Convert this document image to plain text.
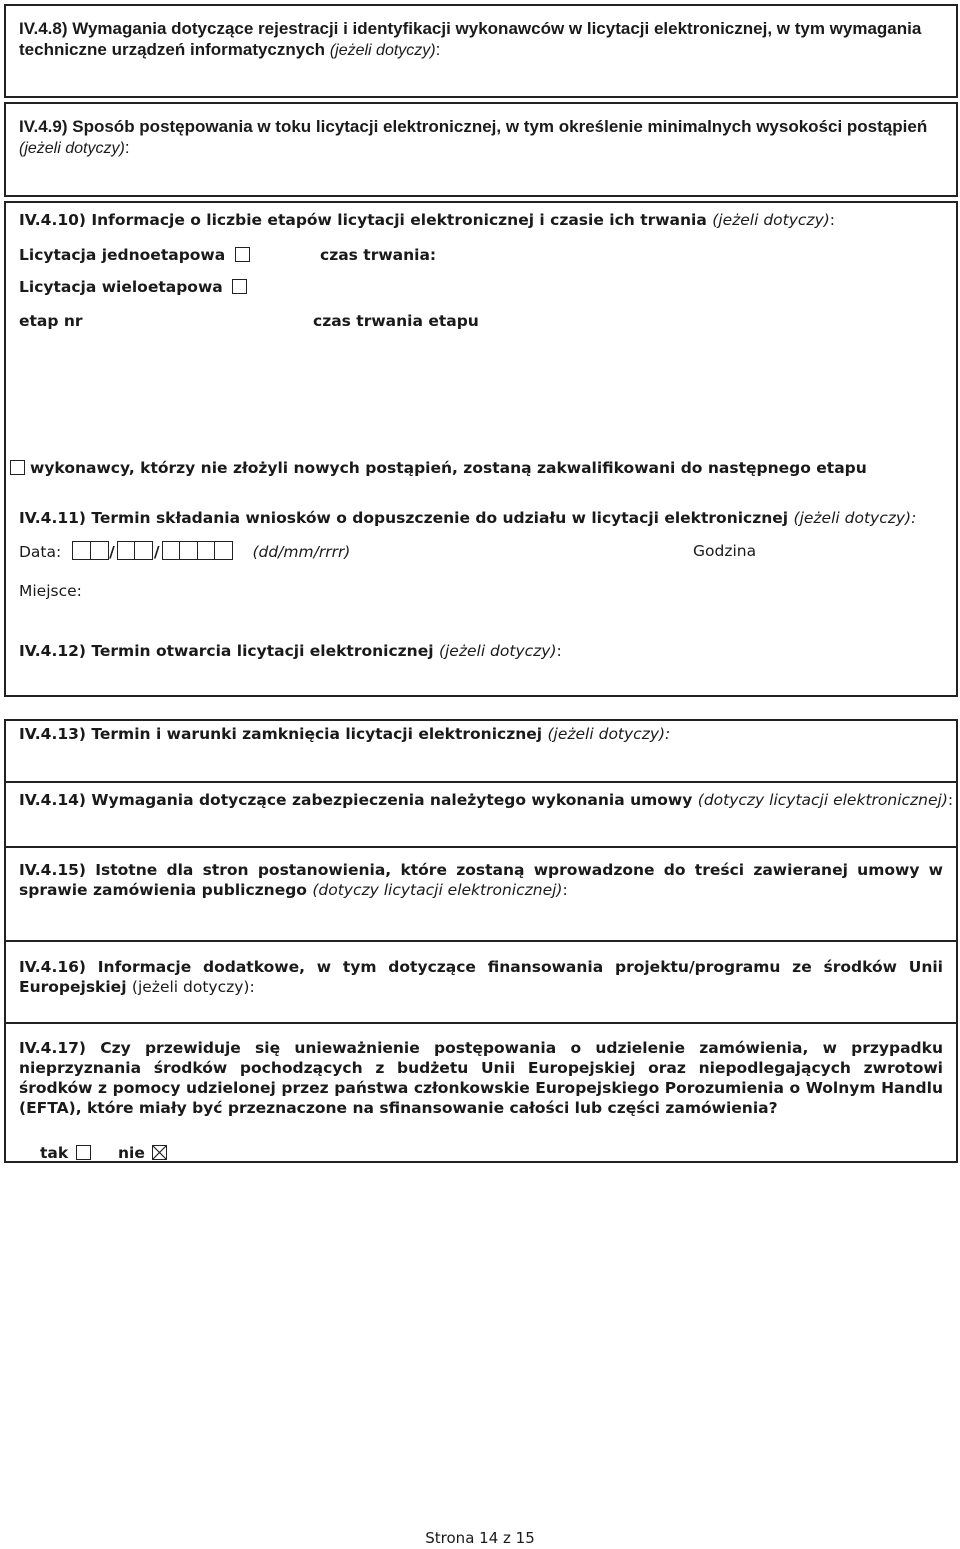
IV.4.8) Wymagania dotyczące rejestracji i identyfikacji wykonawców w licytacji elektronicznej, w tym wymagania techniczne urządzeń informatycznych (jeżeli dotyczy):
IV.4.9) Sposób postępowania w toku licytacji elektronicznej, w tym określenie minimalnych wysokości postąpień (jeżeli dotyczy):
IV.4.10) Informacje o liczbie etapów licytacji elektronicznej i czasie ich trwania (jeżeli dotyczy):
Licytacja jednoetapowa	czas trwania:
Licytacja wieloetapowa
etap nr	czas trwania etapu
wykonawcy, którzy nie złożyli nowych postąpień, zostaną zakwalifikowani do następnego etapu
IV.4.11) Termin składania wniosków o dopuszczenie do udziału w licytacji elektronicznej (jeżeli dotyczy):
Data:	/	/	(dd/mm/rrrr)	Godzina
Miejsce:
IV.4.12) Termin otwarcia licytacji elektronicznej (jeżeli dotyczy):
IV.4.13) Termin i warunki zamknięcia licytacji elektronicznej (jeżeli dotyczy):
IV.4.14) Wymagania dotyczące zabezpieczenia należytego wykonania umowy (dotyczy licytacji elektronicznej):
IV.4.15) Istotne dla stron postanowienia, które zostaną wprowadzone do treści zawieranej umowy w sprawie zamówienia publicznego (dotyczy licytacji elektronicznej):
IV.4.16) Informacje dodatkowe, w tym dotyczące finansowania projektu/programu ze środków Unii Europejskiej (jeżeli dotyczy):
IV.4.17) Czy przewiduje się unieważnienie postępowania o udzielenie zamówienia, w przypadku nieprzyznania środków pochodzących z budżetu Unii Europejskiej oraz niepodlegających zwrotowi środków z pomocy udzielonej przez państwa członkowskie Europejskiego Porozumienia o Wolnym Handlu (EFTA), które miały być przeznaczone na sfinansowanie całości lub części zamówienia?
tak	nie
Strona 14 z 15
